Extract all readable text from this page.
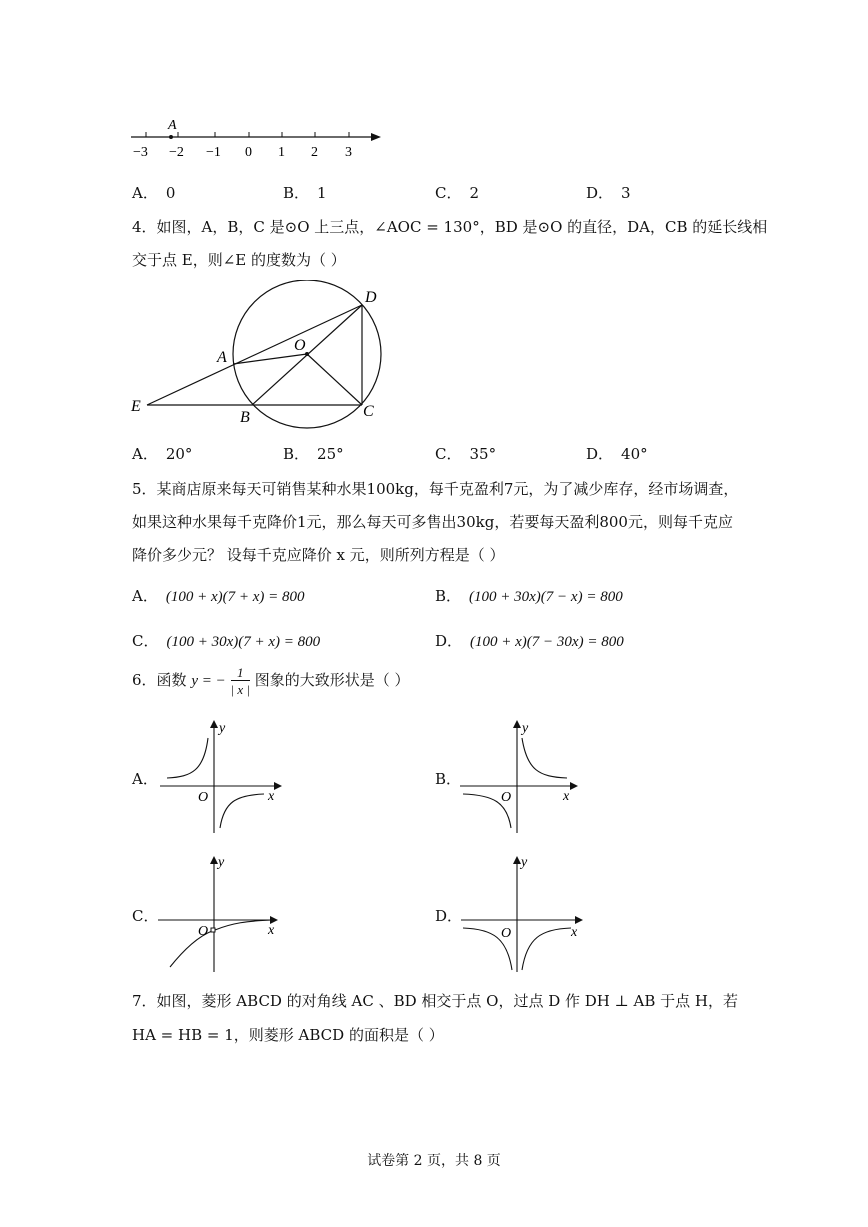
A
−3 −2 −1 0 1 2 3
A． 0	B． 1	C． 2	D． 3
4．如图，A，B，C 是⊙O 上三点，∠AOC = 130°，BD 是⊙O 的直径，DA，CB 的延长线相
交于点 E，则∠E 的度数为（ ）
D
A
O
E
B	C
A． 20°	B． 25°	C． 35°	D． 40°
5．某商店原来每天可销售某种水果100kg，每千克盈利7元，为了减少库存，经市场调查，
如果这种水果每千克降价1元，那么每天可多售出30kg，若要每天盈利800元，则每千克应
降价多少元？ 设每千克应降价 x 元，则所列方程是（ ）
A． (100 + x)(7 + x) = 800	B． (100 + 30x)(7 − x) = 800
C． (100 + 30x)(7 + x) = 800	D． (100 + x)(7 − 30x) = 800
6．函数 y = − $\frac{1}{| x |}$ 图象的大致形状是（ ）
A．
y
x
O
B．
y
x
O
C．
y
x
O
D．
y
x
O
7．如图，菱形 ABCD 的对角线 AC 、BD 相交于点 O，过点 D 作 DH ⊥ AB 于点 H，若
HA = HB = 1，则菱形 ABCD 的面积是（ ）
试卷第 2 页，共 8 页
